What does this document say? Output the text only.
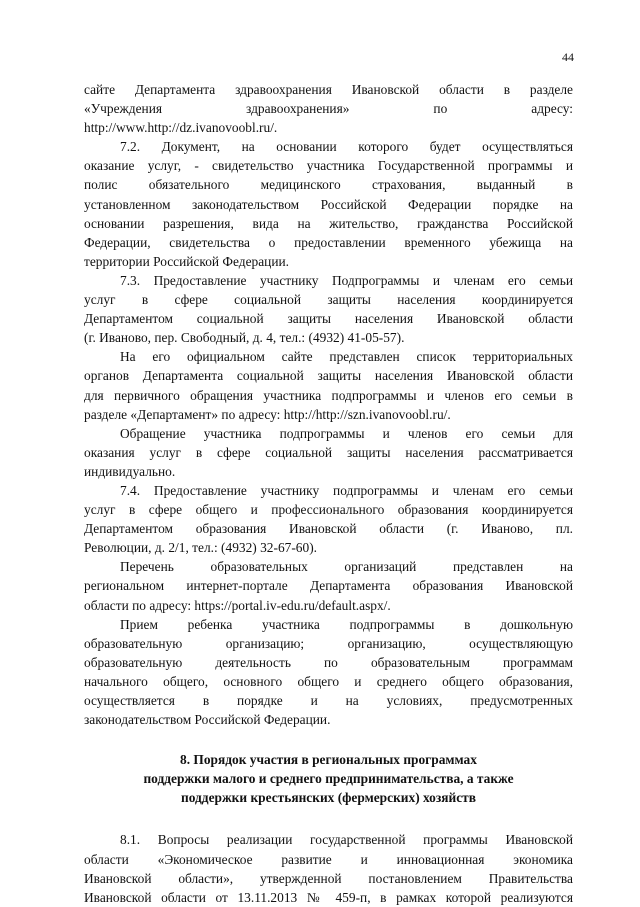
44

сайте Департамента здравоохранения Ивановской области в разделе

«Учреждения здравоохранения» по адресу:

http://www.http://dz.ivanovoobl.ru/.

7.2. Документ, на основании которого будет осуществляться

оказание услуг, - свидетельство участника Государственной программы и

полис обязательного медицинского страхования, выданный в

установленном законодательством Российской Федерации порядке на

основании разрешения, вида на жительство, гражданства Российской

Федерации, свидетельства о предоставлении временного убежища на

территории Российской Федерации.

7.3. Предоставление участнику Подпрограммы и членам его семьи

услуг в сфере социальной защиты населения координируется

Департаментом социальной защиты населения Ивановской области

(г. Иваново, пер. Свободный, д. 4, тел.: (4932) 41-05-57).

На его официальном сайте представлен список территориальных

органов Департамента социальной защиты населения Ивановской области

для первичного обращения участника подпрограммы и членов его семьи в

разделе «Департамент» по адресу: http://http://szn.ivanovoobl.ru/.

Обращение участника подпрограммы и членов его семьи для

оказания услуг в сфере социальной защиты населения рассматривается

индивидуально.

7.4. Предоставление участнику подпрограммы и членам его семьи

услуг в сфере общего и профессионального образования координируется

Департаментом образования Ивановской области (г. Иваново, пл.

Революции, д. 2/1, тел.: (4932) 32-67-60).

Перечень образовательных организаций представлен на

региональном интернет-портале Департамента образования Ивановской

области по адресу: https://portal.iv-edu.ru/default.aspx/.

Прием ребенка участника подпрограммы в дошкольную

образовательную организацию; организацию, осуществляющую

образовательную деятельность по образовательным программам

начального общего, основного общего и среднего общего образования,

осуществляется в порядке и на условиях, предусмотренных

законодательством Российской Федерации.

8. Порядок участия в региональных программах
поддержки малого и среднего предпринимательства, а также
поддержки крестьянских (фермерских) хозяйств

8.1. Вопросы реализации государственной программы Ивановской

области «Экономическое развитие и инновационная экономика

Ивановской области», утвержденной постановлением Правительства

Ивановской области от 13.11.2013 № 459-п, в рамках которой реализуются
